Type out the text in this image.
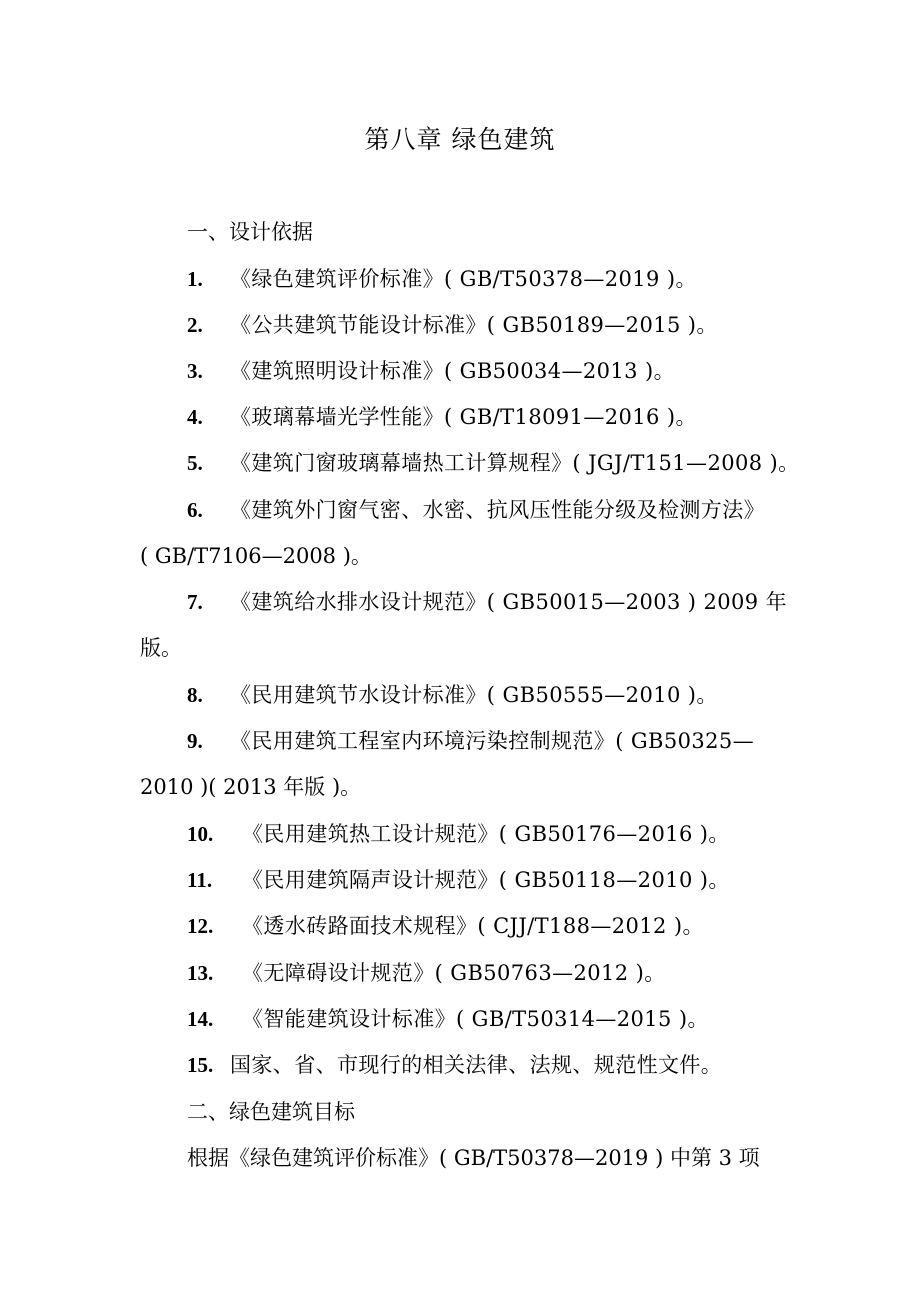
第八章 绿色建筑
一、设计依据
1. 《绿色建筑评价标准》( GB/T50378—2019 )。
2. 《公共建筑节能设计标准》( GB50189—2015 )。
3. 《建筑照明设计标准》( GB50034—2013 )。
4. 《玻璃幕墙光学性能》( GB/T18091—2016 )。
5. 《建筑门窗玻璃幕墙热工计算规程》( JGJ/T151—2008 )。
6. 《建筑外门窗气密、水密、抗风压性能分级及检测方法》
( GB/T7106—2008 )。
7. 《建筑给水排水设计规范》( GB50015—2003 ) 2009 年
版。
8. 《民用建筑节水设计标准》( GB50555—2010 )。
9. 《民用建筑工程室内环境污染控制规范》( GB50325—
2010 )( 2013 年版 )。
10. 《民用建筑热工设计规范》( GB50176—2016 )。
11. 《民用建筑隔声设计规范》( GB50118—2010 )。
12. 《透水砖路面技术规程》( CJJ/T188—2012 )。
13. 《无障碍设计规范》( GB50763—2012 )。
14. 《智能建筑设计标准》( GB/T50314—2015 )。
15. 国家、省、市现行的相关法律、法规、规范性文件。
二、绿色建筑目标
根据《绿色建筑评价标准》( GB/T50378—2019 ) 中第 3 项
